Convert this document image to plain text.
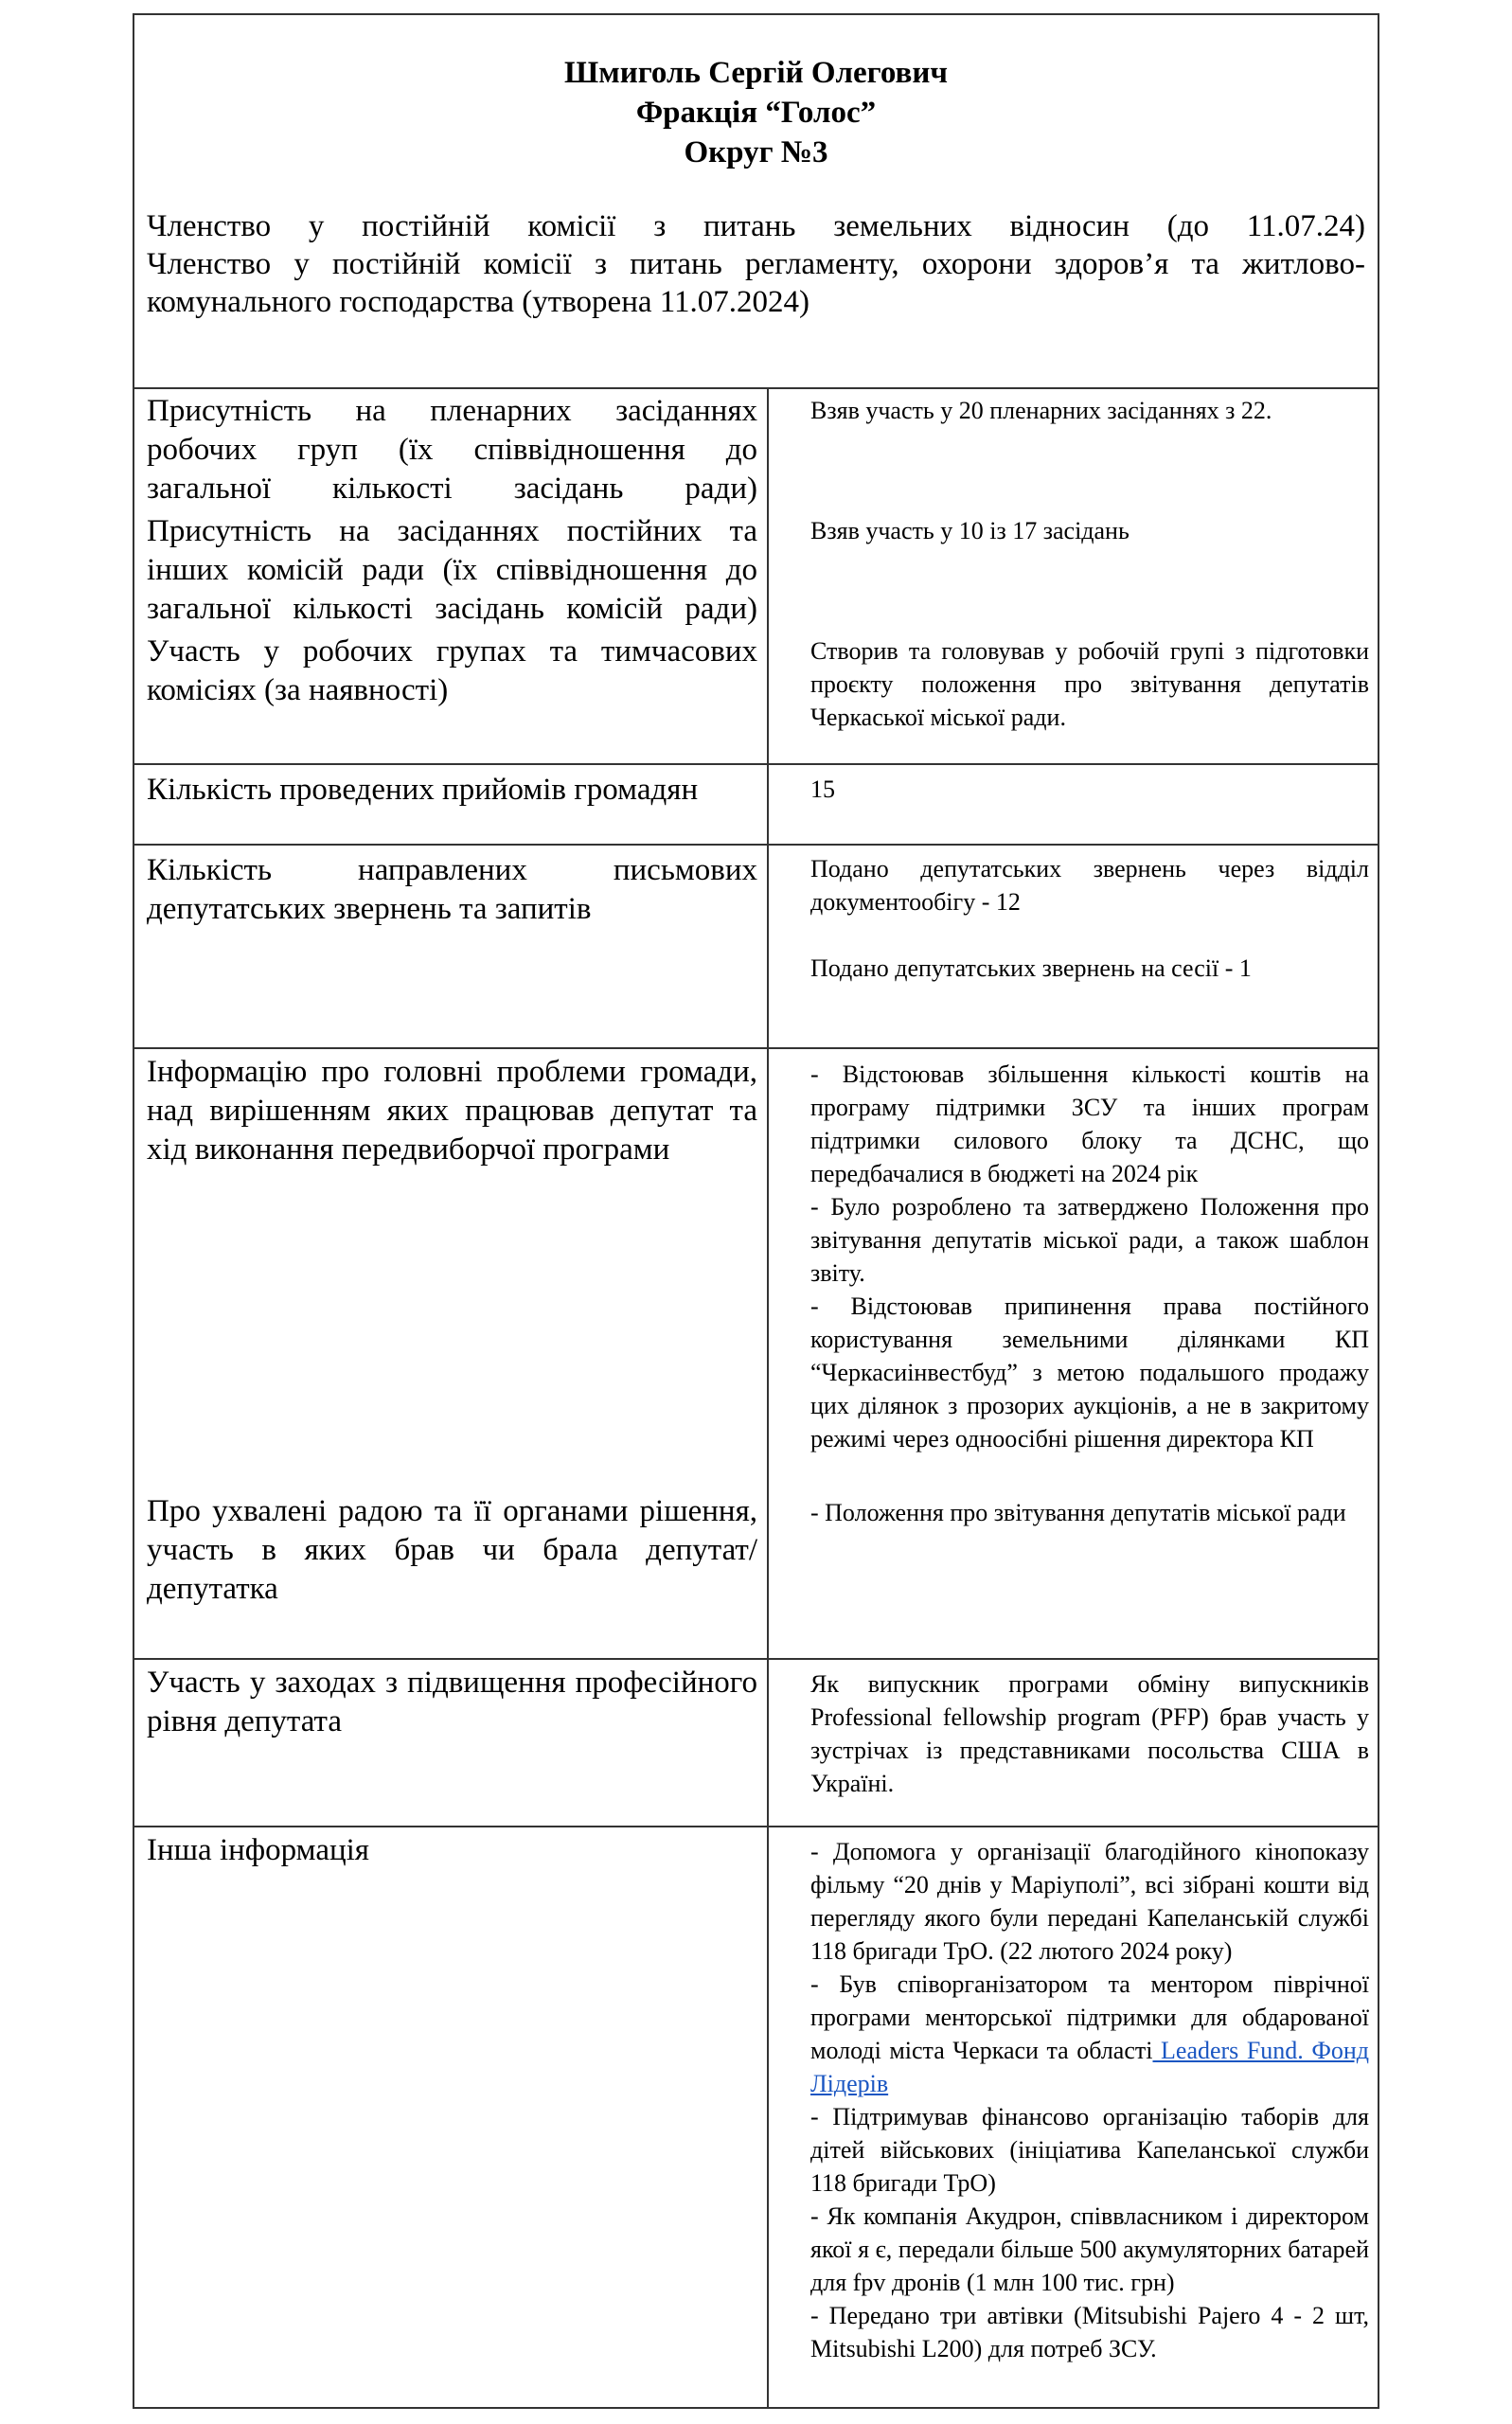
Шмиголь Сергій Олегович
Фракція “Голос”
Округ №3

Членство у постійній комісії з питань земельних відносин (до 11.07.24)

Членство у постійній комісії з питань регламенту, охорони здоров’я та житлово-комунального господарства (утворена 11.07.2024)

Присутність на пленарних засіданнях робочих груп (їх співвідношення до загальної кількості засідань ради)
Взяв участь у 20 пленарних засіданнях з 22.
Присутність на засіданнях постійних та інших комісій ради (їх співвідношення до загальної кількості засідань комісій ради)
Взяв участь у 10 із 17 засідань
Участь у робочих групах та тимчасових комісіях (за наявності)
Створив та головував у робочій групі з підготовки проєкту положення про звітування депутатів Черкаської міської ради.
Кількість проведених прийомів громадян	15
Кількість направлених письмових депутатських звернень та запитів

Подано депутатських звернень через відділ документообігу - 12

Подано депутатських звернень на сесії - 1

Інформацію про головні проблеми громади, над вирішенням яких працював депутат та хід виконання передвиборчої програми

- Відстоював збільшення кількості коштів на програму підтримки ЗСУ та інших програм підтримки силового блоку та ДСНС, що передбачалися в бюджеті на 2024 рік

- Було розроблено та затверджено Положення про звітування депутатів міської ради, а також шаблон звіту.

- Відстоював припинення права постійного користування земельними ділянками КП “Черкасиінвестбуд” з метою подальшого продажу цих ділянок з прозорих аукціонів, а не в закритому режимі через одноосібні рішення директора КП

Про ухвалені радою та її органами рішення, участь в яких брав чи брала депутат/депутатка
- Положення про звітування депутатів міської ради
Участь у заходах з підвищення професійного рівня депутата
Як випускник програми обміну випускників Professional fellowship program (PFP) брав участь у зустрічах із представниками посольства США в Україні.
Інша інформація	- Допомога у організації благодійного кінопоказу фільму “20 днів у Маріуполі”, всі зібрані кошти від перегляду якого були передані Капеланській службі 118 бригади ТрО. (22 лютого 2024 року)

- Був співорганізатором та ментором піврічної програми менторської підтримки для обдарованої молоді міста Черкаси та області Leaders Fund. Фонд Лідерів

- Підтримував фінансово організацію таборів для дітей військових (ініціатива Капеланської служби 118 бригади ТрО)

- Як компанія Акудрон, співвласником і директором якої я є, передали більше 500 акумуляторних батарей для fpv дронів (1 млн 100 тис. грн)

- Передано три автівки (Mitsubishi Pajero 4 - 2 шт, Mitsubishi L200) для потреб ЗСУ.
